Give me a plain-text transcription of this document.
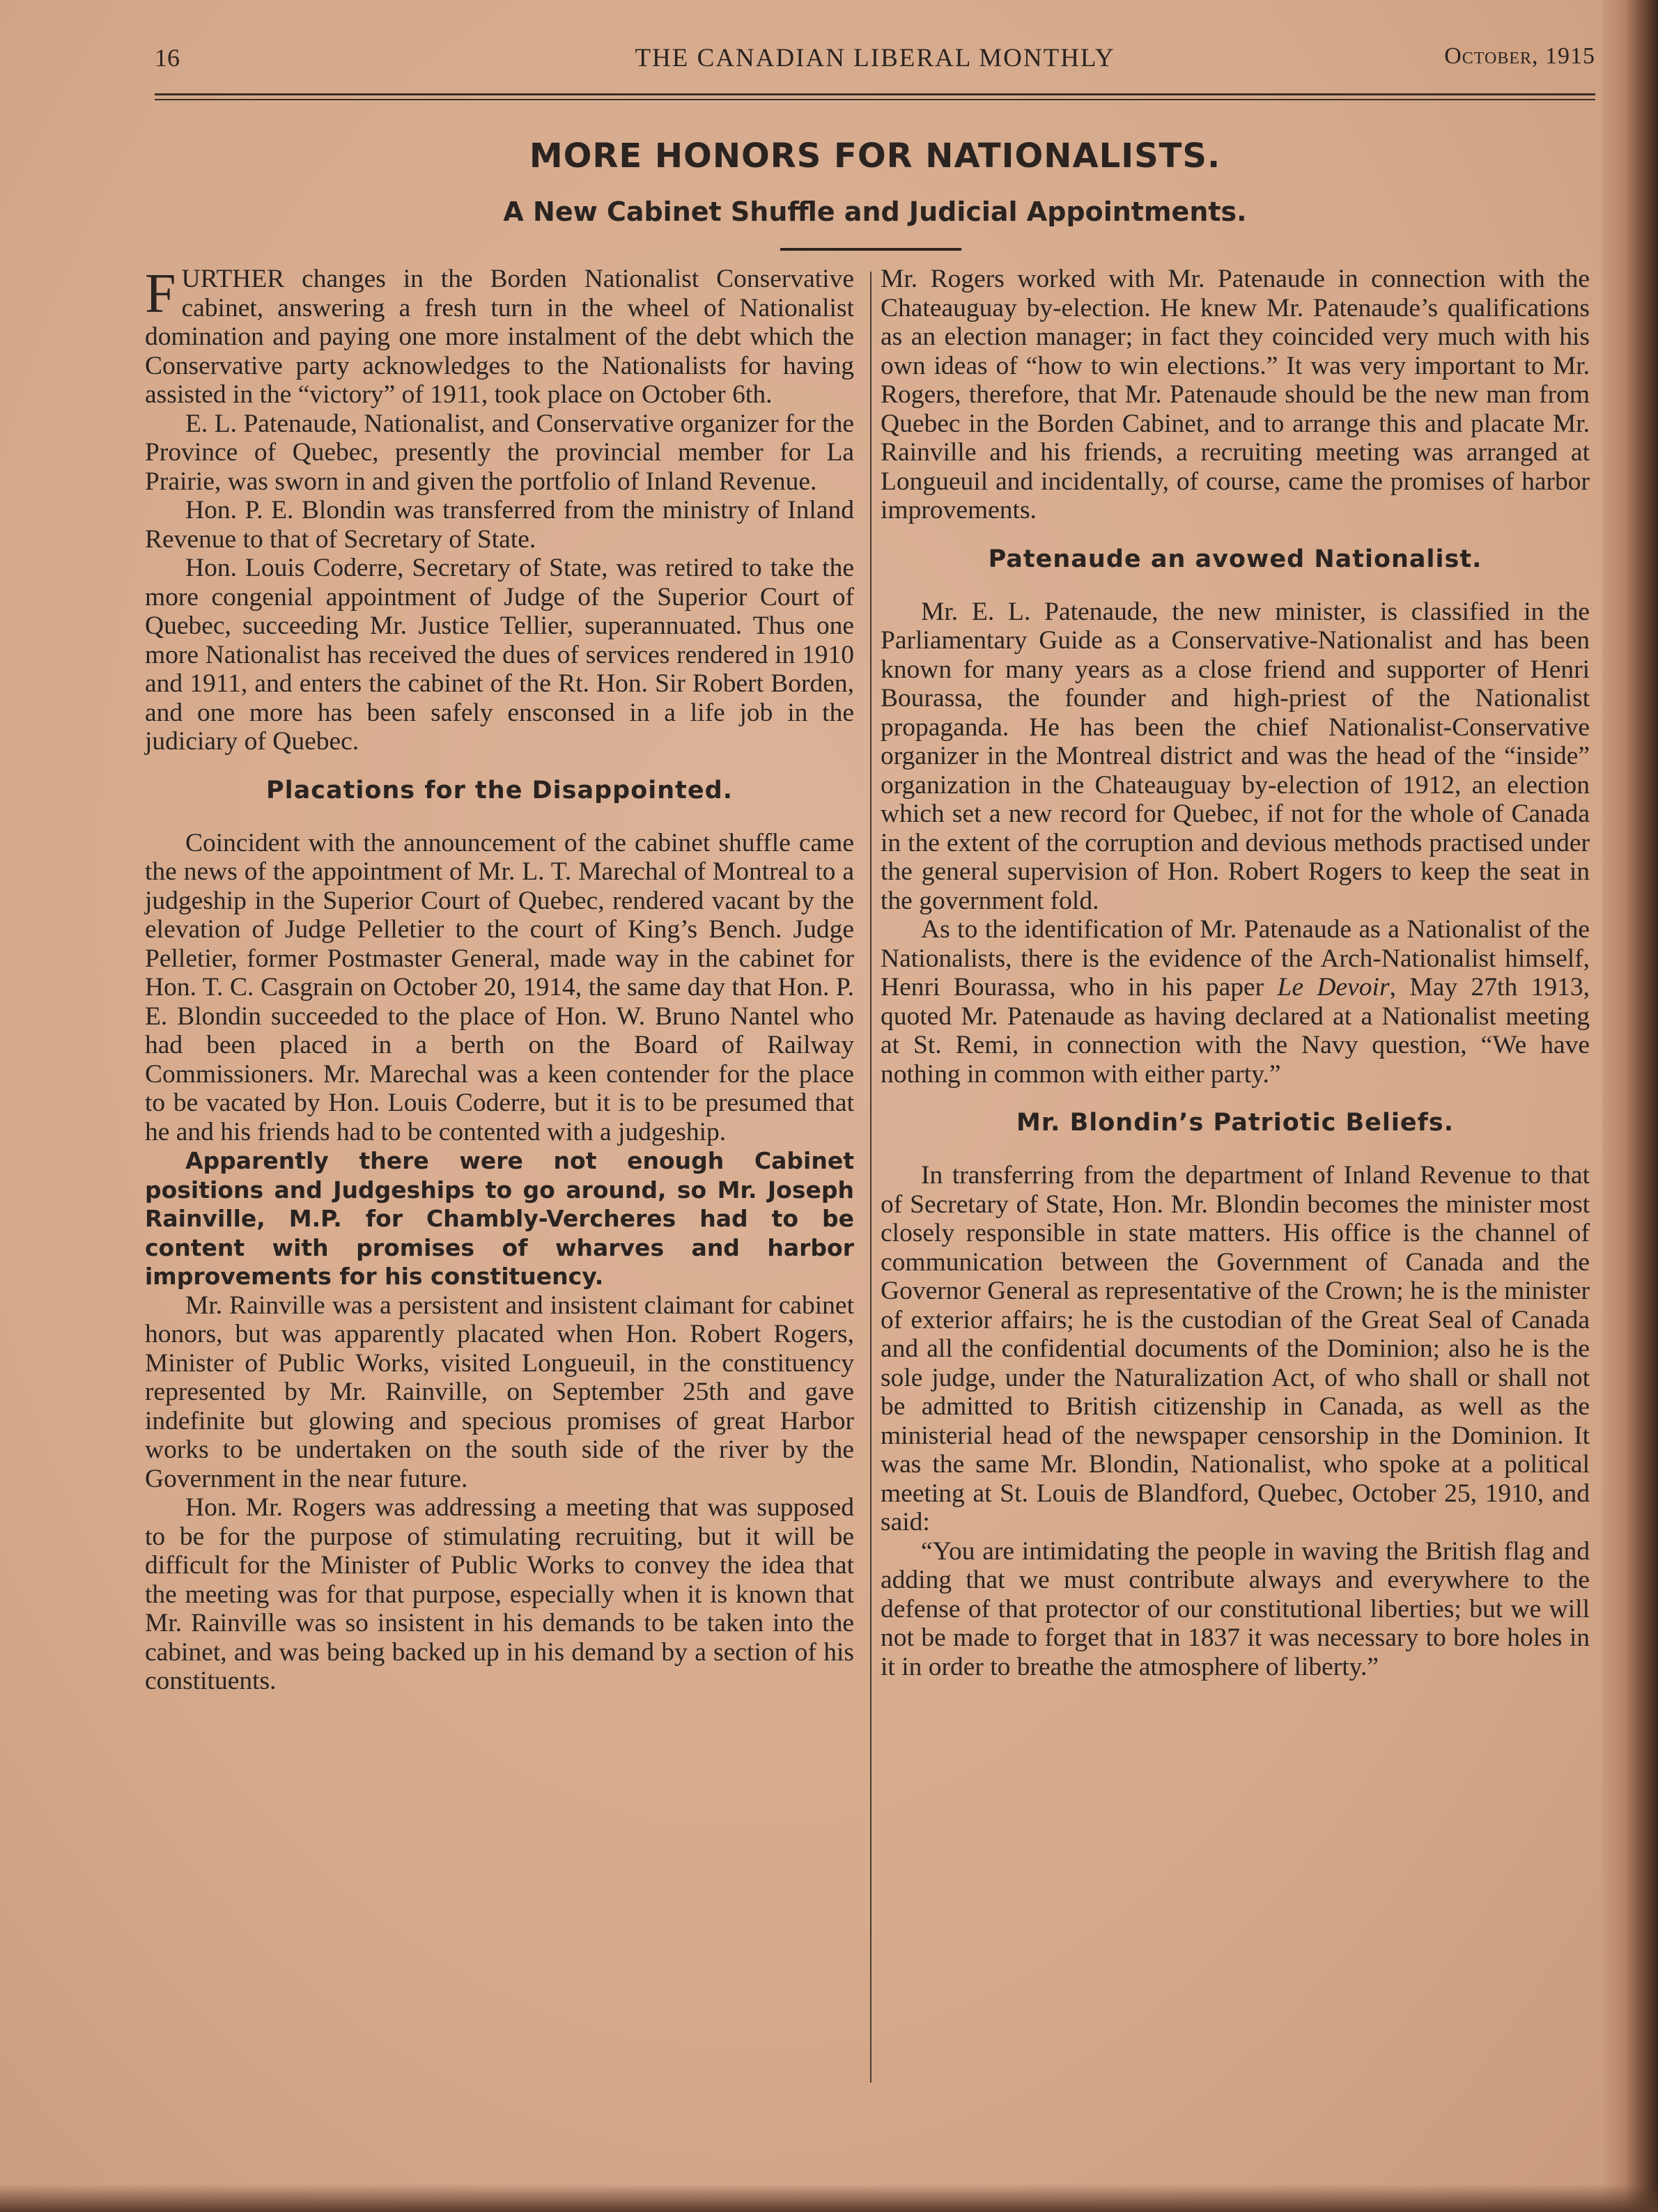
16	THE CANADIAN LIBERAL MONTHLY	October, 1915
MORE HONORS FOR NATIONALISTS.
A New Cabinet Shuffle and Judicial Appointments.

FURTHER changes in the Borden Nationalist Conservative cabinet, answering a fresh turn in the wheel of Nationalist domination and paying one more instalment of the debt which the Conservative party acknowledges to the Nationalists for having assisted in the “victory” of 1911, took place on October 6th.

E. L. Patenaude, Nationalist, and Conservative organizer for the Province of Quebec, presently the provincial member for La Prairie, was sworn in and given the portfolio of Inland Revenue.

Hon. P. E. Blondin was transferred from the ministry of Inland Revenue to that of Secretary of State.

Hon. Louis Coderre, Secretary of State, was retired to take the more congenial appointment of Judge of the Superior Court of Quebec, succeeding Mr. Justice Tellier, superannuated. Thus one more Nationalist has received the dues of services rendered in 1910 and 1911, and enters the cabinet of the Rt. Hon. Sir Robert Borden, and one more has been safely ensconsed in a life job in the judiciary of Quebec.

Placations for the Disappointed.

Coincident with the announcement of the cabinet shuffle came the news of the appointment of Mr. L. T. Marechal of Montreal to a judgeship in the Superior Court of Quebec, rendered vacant by the elevation of Judge Pelletier to the court of King’s Bench. Judge Pelletier, former Postmaster General, made way in the cabinet for Hon. T. C. Casgrain on October 20, 1914, the same day that Hon. P. E. Blondin succeeded to the place of Hon. W. Bruno Nantel who had been placed in a berth on the Board of Railway Commissioners. Mr. Marechal was a keen contender for the place to be vacated by Hon. Louis Coderre, but it is to be presumed that he and his friends had to be contented with a judgeship.

Apparently there were not enough Cabinet positions and Judgeships to go around, so Mr. Joseph Rainville, M.P. for Chambly-Vercheres had to be content with promises of wharves and harbor improvements for his constituency.

Mr. Rainville was a persistent and insistent claimant for cabinet honors, but was apparently placated when Hon. Robert Rogers, Minister of Public Works, visited Longueuil, in the constituency represented by Mr. Rainville, on September 25th and gave indefinite but glowing and specious promises of great Harbor works to be undertaken on the south side of the river by the Government in the near future.

Hon. Mr. Rogers was addressing a meeting that was supposed to be for the purpose of stimulating recruiting, but it will be difficult for the Minister of Public Works to convey the idea that the meeting was for that purpose, especially when it is known that Mr. Rainville was so insistent in his demands to be taken into the cabinet, and was being backed up in his demand by a section of his constituents.

Mr. Rogers worked with Mr. Patenaude in connection with the Chateauguay by-election. He knew Mr. Patenaude’s qualifications as an election manager; in fact they coincided very much with his own ideas of “how to win elections.” It was very important to Mr. Rogers, therefore, that Mr. Patenaude should be the new man from Quebec in the Borden Cabinet, and to arrange this and placate Mr. Rainville and his friends, a recruiting meeting was arranged at Longueuil and incidentally, of course, came the promises of harbor improvements.

Patenaude an avowed Nationalist.

Mr. E. L. Patenaude, the new minister, is classified in the Parliamentary Guide as a Conservative-Nationalist and has been known for many years as a close friend and supporter of Henri Bourassa, the founder and high-priest of the Nationalist propaganda. He has been the chief Nationalist-Conservative organizer in the Montreal district and was the head of the “inside” organization in the Chateauguay by-election of 1912, an election which set a new record for Quebec, if not for the whole of Canada in the extent of the corruption and devious methods practised under the general supervision of Hon. Robert Rogers to keep the seat in the government fold.

As to the identification of Mr. Patenaude as a Nationalist of the Nationalists, there is the evidence of the Arch-Nationalist himself, Henri Bourassa, who in his paper Le Devoir, May 27th 1913, quoted Mr. Patenaude as having declared at a Nationalist meeting at St. Remi, in connection with the Navy question, “We have nothing in common with either party.”

Mr. Blondin’s Patriotic Beliefs.

In transferring from the department of Inland Revenue to that of Secretary of State, Hon. Mr. Blondin becomes the minister most closely responsible in state matters. His office is the channel of communication between the Government of Canada and the Governor General as representative of the Crown; he is the minister of exterior affairs; he is the custodian of the Great Seal of Canada and all the confidential documents of the Dominion; also he is the sole judge, under the Naturalization Act, of who shall or shall not be admitted to British citizenship in Canada, as well as the ministerial head of the newspaper censorship in the Dominion. It was the same Mr. Blondin, Nationalist, who spoke at a political meeting at St. Louis de Blandford, Quebec, October 25, 1910, and said:

“You are intimidating the people in waving the British flag and adding that we must contribute always and everywhere to the defense of that protector of our constitutional liberties; but we will not be made to forget that in 1837 it was necessary to bore holes in it in order to breathe the atmosphere of liberty.”
